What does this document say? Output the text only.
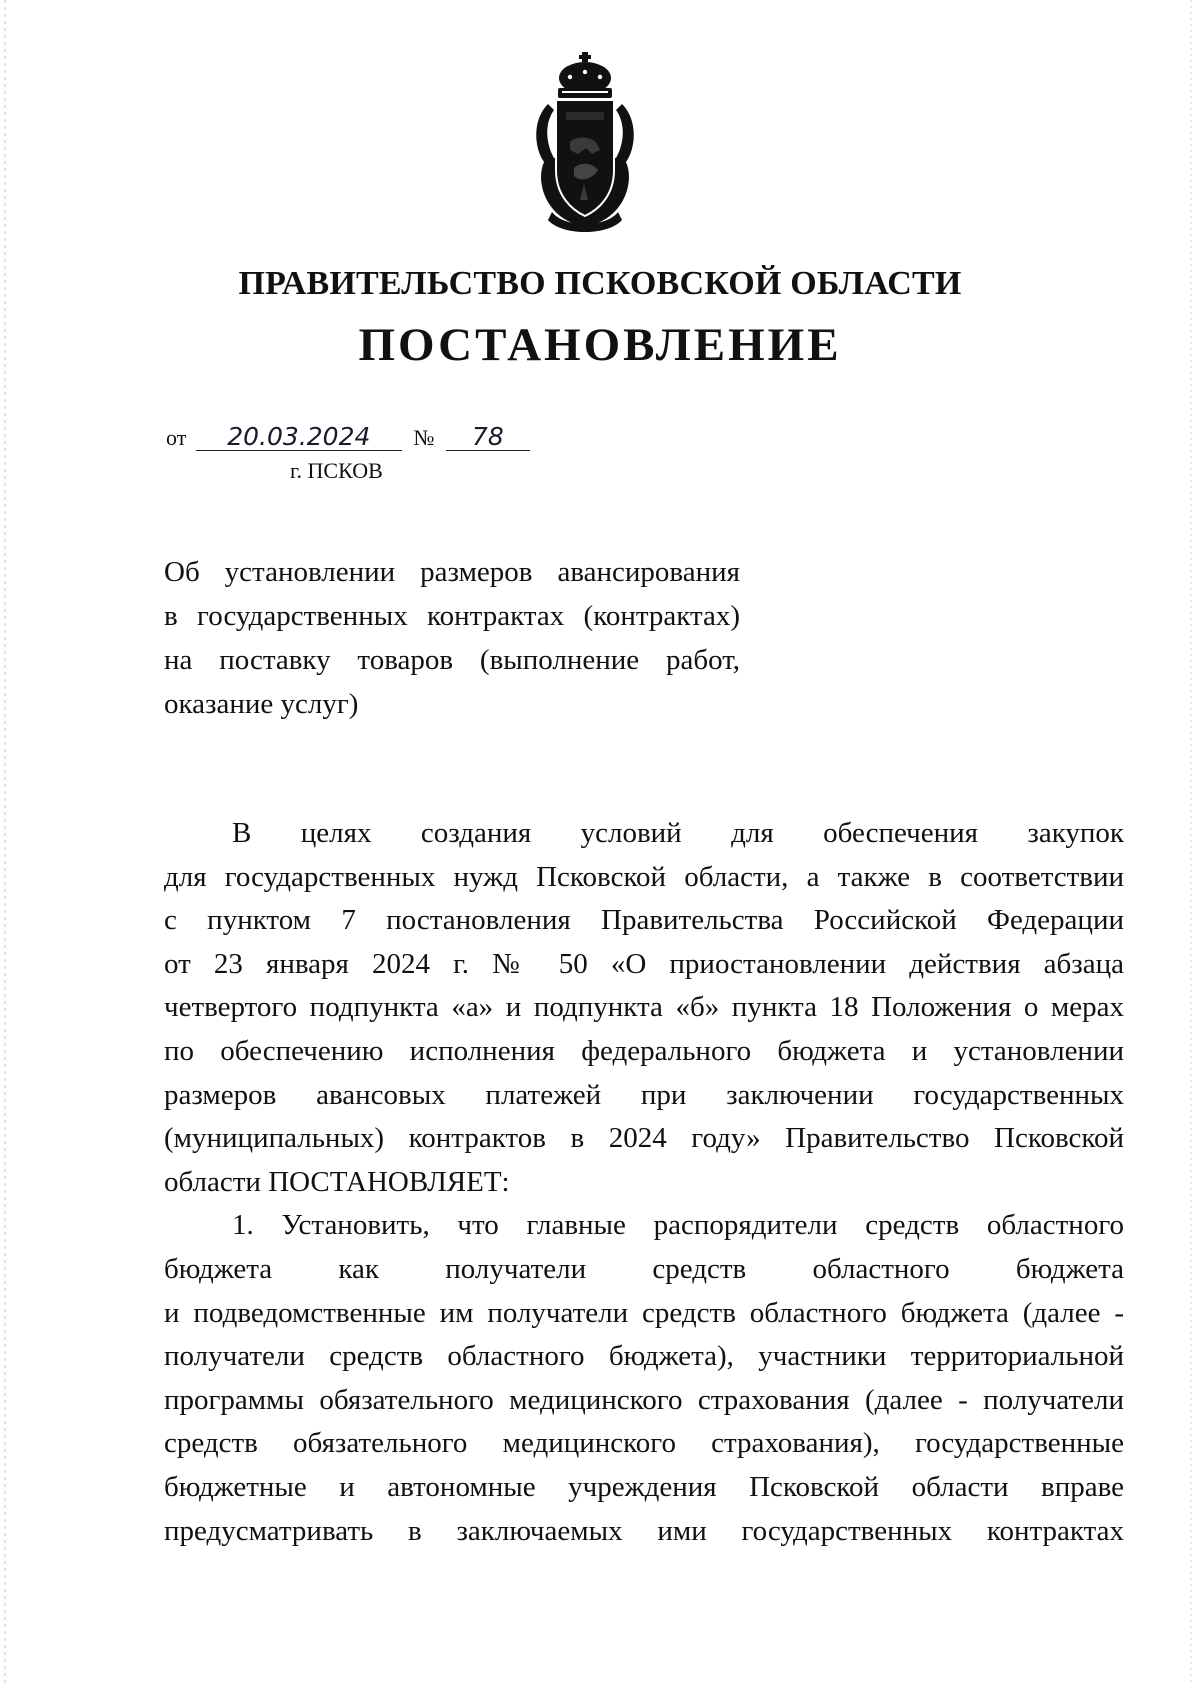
ПРАВИТЕЛЬСТВО ПСКОВСКОЙ ОБЛАСТИ
ПОСТАНОВЛЕНИЕ
от 20.03.2024 № 78
г. ПСКОВ
Об установлении размеров авансирования
в государственных контрактах (контрактах)
на поставку товаров (выполнение работ,
оказание услуг)
В целях создания условий для обеспечения закупок
для государственных нужд Псковской области, а также в соответствии
с пунктом 7 постановления Правительства Российской Федерации
от 23 января 2024 г. № 50 «О приостановлении действия абзаца
четвертого подпункта «а» и подпункта «б» пункта 18 Положения о мерах
по обеспечению исполнения федерального бюджета и установлении
размеров авансовых платежей при заключении государственных
(муниципальных) контрактов в 2024 году» Правительство Псковской
области ПОСТАНОВЛЯЕТ:
1. Установить, что главные распорядители средств областного
бюджета как получатели средств областного бюджета
и подведомственные им получатели средств областного бюджета (далее -
получатели средств областного бюджета), участники территориальной
программы обязательного медицинского страхования (далее - получатели
средств обязательного медицинского страхования), государственные
бюджетные и автономные учреждения Псковской области вправе
предусматривать в заключаемых ими государственных контрактах
